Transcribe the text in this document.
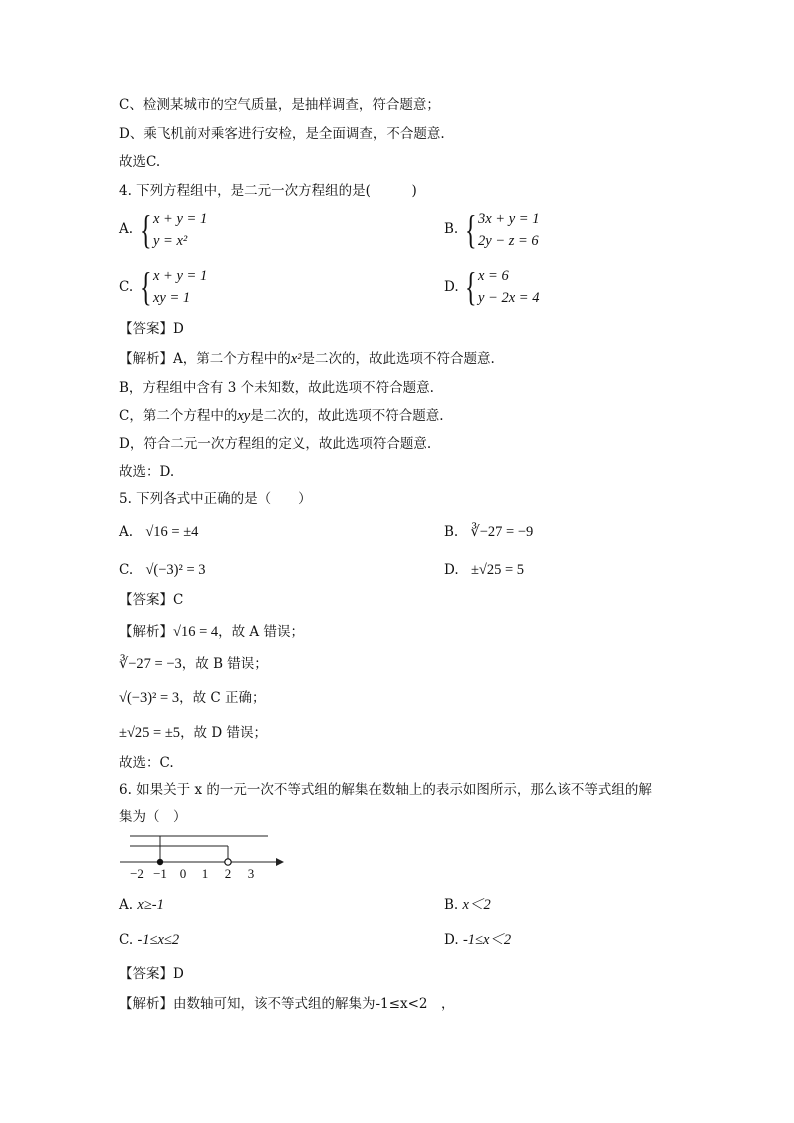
C、检测某城市的空气质量，是抽样调查，符合题意；
D、乘飞机前对乘客进行安检，是全面调查，不合题意.
故选C.
4. 下列方程组中，是二元一次方程组的是(　　　)
A. { x + y = 1
y = x²
B. { 3x + y = 1
2y − z = 6
C. { x + y = 1
xy = 1
D. { x = 6
y − 2x = 4
【答案】D
【解析】A，第二个方程中的x²是二次的，故此选项不符合题意.
B，方程组中含有 3 个未知数，故此选项不符合题意.
C，第二个方程中的xy是二次的，故此选项不符合题意.
D，符合二元一次方程组的定义，故此选项符合题意.
故选：D.
5. 下列各式中正确的是（　　）
A. √16 = ±4	B. ∛−27 = −9
C. √(−3)² = 3	D. ±√25 = 5
【答案】C
【解析】√16 = 4，故 A 错误；
∛−27 = −3，故 B 错误；
√(−3)² = 3，故 C 正确；
±√25 = ±5，故 D 错误；
故选：C.
6. 如果关于 x 的一元一次不等式组的解集在数轴上的表示如图所示，那么该不等式组的解
集为（　）
−2 −1 0 1 2 3
A. x≥-1	B. x＜2
C. -1≤x≤2	D. -1≤x＜2
【答案】D
【解析】由数轴可知，该不等式组的解集为-1≤x<2　，
